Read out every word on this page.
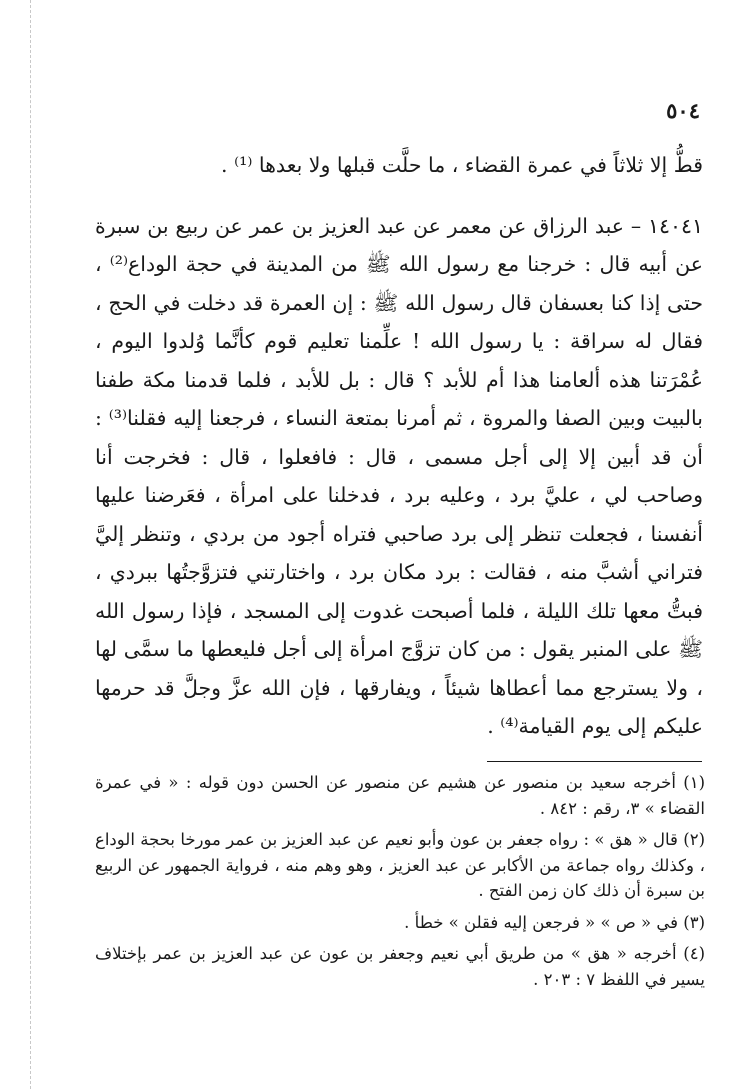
٥٠٤

قطُّ إلا ثلاثاً في عمرة القضاء ، ما حلَّت قبلها ولا بعدها ⁽¹⁾ .

١٤٠٤١ – عبد الرزاق عن معمر عن عبد العزيز بن عمر عن ربيع بن سبرة عن أبيه قال : خرجنا مع رسول الله ﷺ من المدينة في حجة الوداع⁽²⁾ ، حتى إذا كنا بعسفان قال رسول الله ﷺ : إن العمرة قد دخلت في الحج ، فقال له سراقة : يا رسول الله ! علِّمنا تعليم قوم كأنَّما وُلدوا اليوم ، عُمْرَتنا هذه ألعامنا هذا أم للأبد ؟ قال : بل للأبد ، فلما قدمنا مكة طفنا بالبيت وبين الصفا والمروة ، ثم أمرنا بمتعة النساء ، فرجعنا إليه فقلنا⁽³⁾ : أن قد أبين إلا إلى أجل مسمى ، قال : فافعلوا ، قال : فخرجت أنا وصاحب لي ، عليَّ برد ، وعليه برد ، فدخلنا على امرأة ، فعَرضنا عليها أنفسنا ، فجعلت تنظر إلى برد صاحبي فتراه أجود من بردي ، وتنظر إليَّ فتراني أشبَّ منه ، فقالت : برد مكان برد ، واختارتني فتزوَّجتُها ببردي ، فبتُّ معها تلك الليلة ، فلما أصبحت غدوت إلى المسجد ، فإذا رسول الله ﷺ على المنبر يقول : من كان تزوَّج امرأة إلى أجل فليعطها ما سمَّى لها ، ولا يسترجع مما أعطاها شيئاً ، ويفارقها ، فإن الله عزَّ وجلَّ قد حرمها عليكم إلى يوم القيامة⁽⁴⁾ .

(١) أخرجه سعيد بن منصور عن هشيم عن منصور عن الحسن دون قوله : « في عمرة القضاء » ٣، رقم : ٨٤٢ .

(٢) قال « هق » : رواه جعفر بن عون وأبو نعيم عن عبد العزيز بن عمر مورخا بحجة الوداع ، وكذلك رواه جماعة من الأكابر عن عبد العزيز ، وهو وهم منه ، فرواية الجمهور عن الربيع بن سبرة أن ذلك كان زمن الفتح .

(٣) في « ص » « فرجعن إليه فقلن » خطأ .

(٤) أخرجه « هق » من طريق أبي نعيم وجعفر بن عون عن عبد العزيز بن عمر بإختلاف يسير في اللفظ ٧ : ٢٠٣ .
